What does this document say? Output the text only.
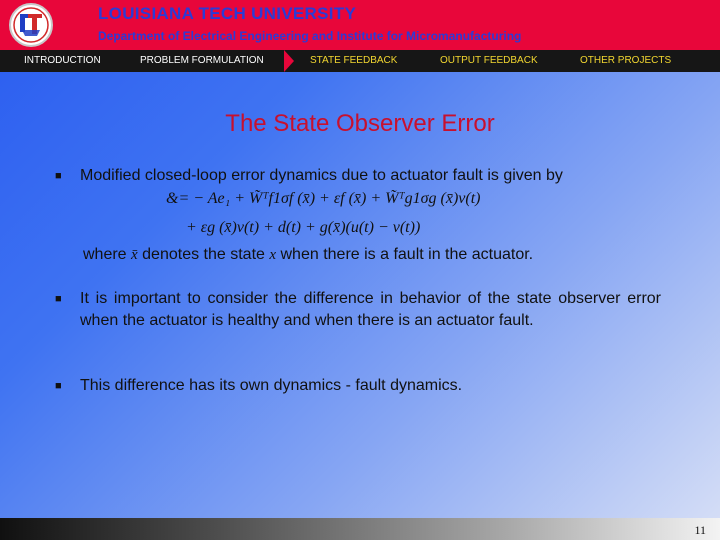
LOUISIANA TECH UNIVERSITY
Department of Electrical Engineering and Institute for Micromanufacturing
INTRODUCTION	PROBLEM FORMULATION	STATE FEEDBACK	OUTPUT FEEDBACK	OTHER PROJECTS
The State Observer Error
■ Modified closed-loop error dynamics due to actuator fault is given by
&= − Ae₁ + W̃ᵀf1σf (x̄) + εf (x̄) + W̃ᵀg1σg (x̄)v(t)
+ εg (x̄)v(t) + d(t) + g(x̄)(u(t) − v(t))
where x̄ denotes the state x when there is a fault in the actuator.
■ It is important to consider the difference in behavior of the state observer error when the actuator is healthy and when there is an actuator fault.
■ This difference has its own dynamics - fault dynamics.
11
